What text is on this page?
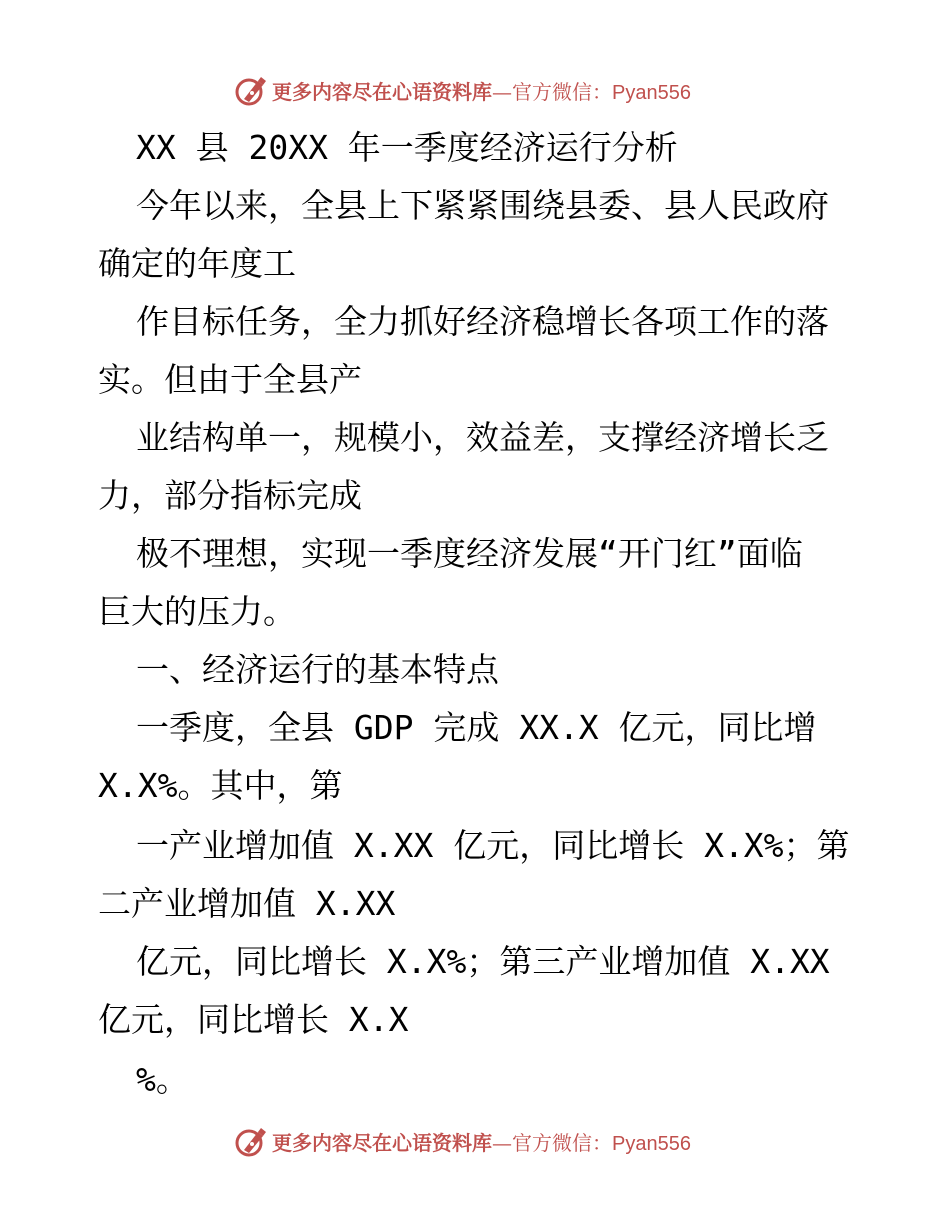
更多内容尽在心语资料库—官方微信：Pyan556
XX 县 20XX 年一季度经济运行分析
今年以来，全县上下紧紧围绕县委、县人民政府
确定的年度工
作目标任务，全力抓好经济稳增长各项工作的落
实。但由于全县产
业结构单一，规模小，效益差，支撑经济增长乏
力，部分指标完成
极不理想，实现一季度经济发展“开门红”面临
巨大的压力。
一、经济运行的基本特点
一季度，全县 GDP 完成 XX.X 亿元，同比增
X.X%。其中，第
一产业增加值 X.XX 亿元，同比增长 X.X%；第
二产业增加值 X.XX
亿元，同比增长 X.X%；第三产业增加值 X.XX
亿元，同比增长 X.X
%。
更多内容尽在心语资料库—官方微信：Pyan556
